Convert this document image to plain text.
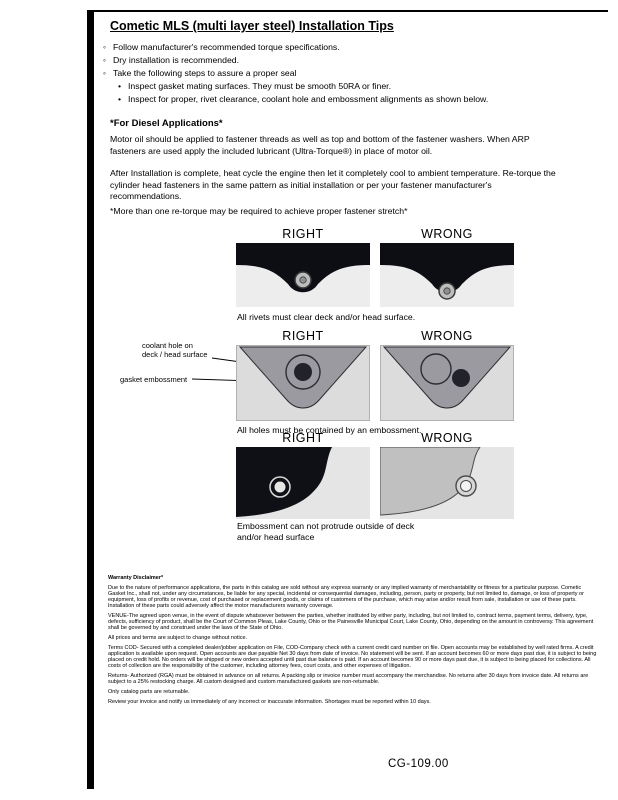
Cometic MLS (multi layer steel) Installation Tips
◦ Follow manufacturer's recommended torque specifications.
◦ Dry installation is recommended.
◦ Take the following steps to assure a proper seal
• Inspect gasket mating surfaces. They must be smooth 50RA or finer.
• Inspect for proper, rivet clearance, coolant hole and embossment alignments as shown below.
*For Diesel Applications*

Motor oil should be applied to fastener threads as well as top and bottom of the fastener washers. When ARP fasteners are used apply the included lubricant (Ultra-Torque®) in place of motor oil.

After Installation is complete, heat cycle the engine then let it completely cool to ambient temperature. Re-torque the cylinder head fasteners in the same pattern as initial installation or per your fastener manufacturer's recommendations.

*More than one re-torque may be required to achieve proper fastener stretch*
RIGHT	WRONG
All rivets must clear deck and/or head surface.
RIGHT	WRONG
coolant hole on
deck / head surface
gasket embossment
All holes must be contained by an embossment.
RIGHT	WRONG
Embossment can not protrude outside of deck
and/or head surface

Warranty Disclaimer*

Due to the nature of performance applications, the parts in this catalog are sold without any express warranty or any implied warranty of merchantability or fitness for a particular purpose. Cometic Gasket Inc., shall not, under any circumstances, be liable for any special, incidental or consequential damages, including, person, party or property, but not limited to, damage, or loss of property or equipment, loss of profits or revenue, cost of purchased or replacement goods, or claims of customers of the purchase, which may arise and/or result from sale, installation or use of these parts. Installation of these parts could adversely affect the motor manufacturers warranty coverage.

VENUE-The agreed upon venue, in the event of dispute whatsoever between the parties, whether instituted by either party, including, but not limited to, contract terms, payment terms, delivery, type, defects, sufficiency of product, shall be the Court of Common Pleas, Lake County, Ohio or the Painesville Municipal Court, Lake County, Ohio, depending on the amount in controversy. This agreement shall be governed by and construed under the laws of the State of Ohio.

All prices and terms are subject to change without notice.

Terms COD- Secured with a completed dealer/jobber application on File, COD-Company check with a current credit card number on file. Open accounts may be established by well rated firms. A credit application is available upon request. Open accounts are due payable Net 30 days from date of invoice. No statement will be sent. If an account becomes 60 or more days past due, it is subject to being placed on credit hold. No orders will be shipped or new orders accepted until past due balance is paid. If an account becomes 90 or more days past due, it is subject to being placed for collections. All costs of collection are the responsibility of the customer, including attorney fees, court costs, and other expenses of litigation.

Returns- Authorized (RGA) must be obtained in advance on all returns. A packing slip or invoice number must accompany the merchandise. No returns after 30 days from invoice date. All returns are subject to a 25% restocking charge. All custom designed and custom manufactured gaskets are non-returnable.

Only catalog parts are returnable.

Review your invoice and notify us immediately of any incorrect or inaccurate information. Shortages must be reported within 10 days.

CG-109.00
